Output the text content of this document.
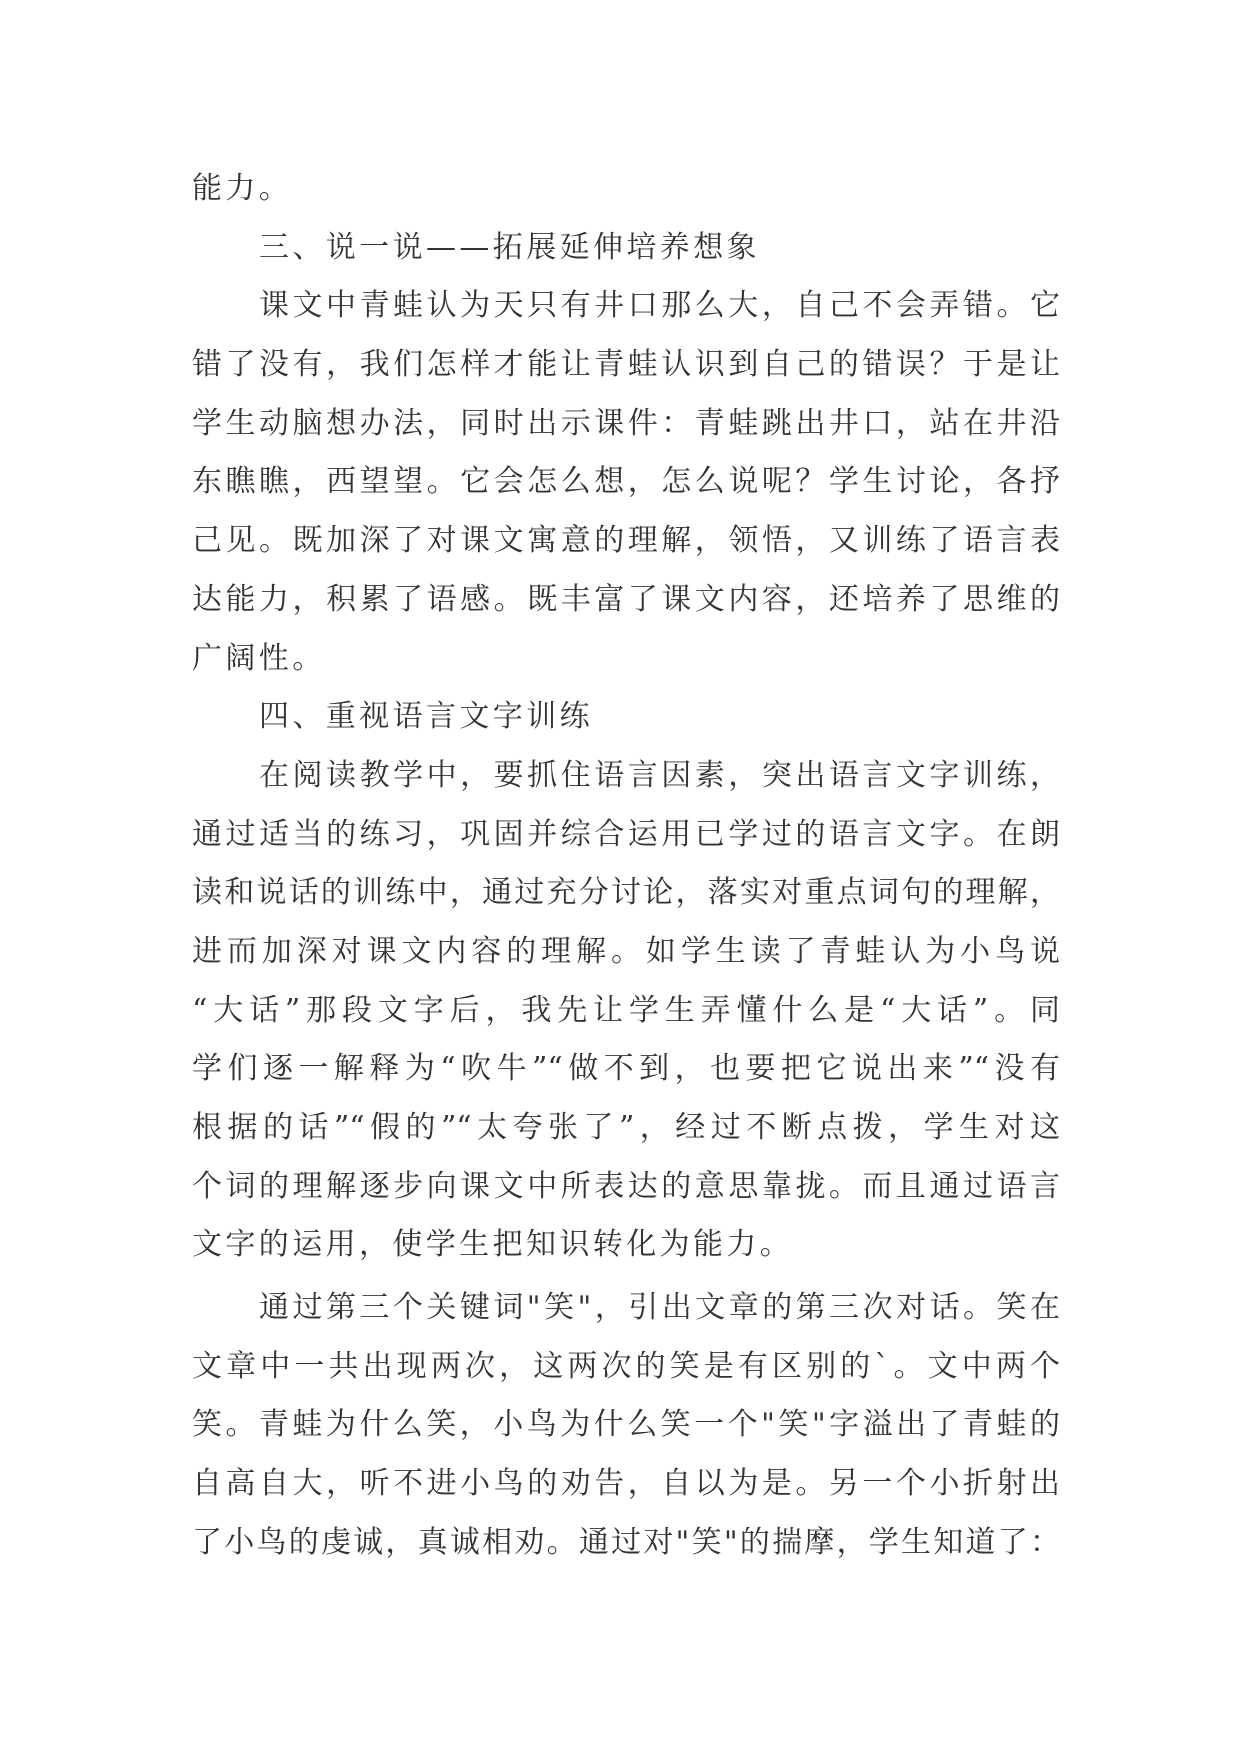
能力。
三、说一说——拓展延伸培养想象
课文中青蛙认为天只有井口那么大，自己不会弄错。它
错了没有，我们怎样才能让青蛙认识到自己的错误？于是让
学生动脑想办法，同时出示课件：青蛙跳出井口，站在井沿
东瞧瞧，西望望。它会怎么想，怎么说呢？学生讨论，各抒
己见。既加深了对课文寓意的理解，领悟，又训练了语言表
达能力，积累了语感。既丰富了课文内容，还培养了思维的
广阔性。
四、重视语言文字训练
在阅读教学中，要抓住语言因素，突出语言文字训练，
通过适当的练习，巩固并综合运用已学过的语言文字。在朗
读和说话的训练中，通过充分讨论，落实对重点词句的理解，
进而加深对课文内容的理解。如学生读了青蛙认为小鸟说
“大话”那段文字后，我先让学生弄懂什么是“大话”。同
学们逐一解释为“吹牛”“做不到，也要把它说出来”“没有
根据的话”“假的”“太夸张了”，经过不断点拨，学生对这
个词的理解逐步向课文中所表达的意思靠拢。而且通过语言
文字的运用，使学生把知识转化为能力。
通过第三个关键词"笑"，引出文章的第三次对话。笑在
文章中一共出现两次，这两次的笑是有区别的`。文中两个
笑。青蛙为什么笑，小鸟为什么笑一个"笑"字溢出了青蛙的
自高自大，听不进小鸟的劝告，自以为是。另一个小折射出
了小鸟的虔诚，真诚相劝。通过对"笑"的揣摩，学生知道了：
